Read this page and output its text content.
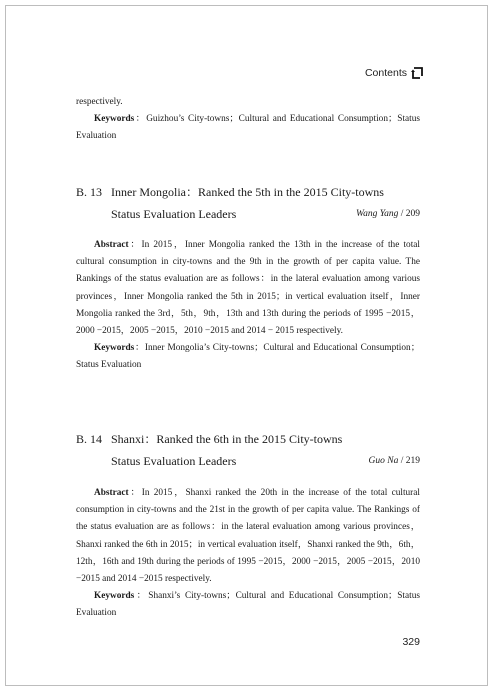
Contents

respectively.

Keywords：Guizhou’s City-towns；Cultural and Educational Consumption；Status Evaluation

B. 13 Inner Mongolia：Ranked the 5th in the 2015 City-towns
Status Evaluation Leaders	Wang Yang / 209

Abstract：In 2015，Inner Mongolia ranked the 13th in the increase of the total cultural consumption in city-towns and the 9th in the growth of per capita value. The Rankings of the status evaluation are as follows：in the lateral evaluation among various provinces，Inner Mongolia ranked the 5th in 2015；in vertical evaluation itself，Inner Mongolia ranked the 3rd，5th，9th，13th and 13th during the periods of 1995 −2015，2000 −2015，2005 −2015，2010 −2015 and 2014 − 2015 respectively.

Keywords：Inner Mongolia’s City-towns；Cultural and Educational Consumption；Status Evaluation

B. 14 Shanxi：Ranked the 6th in the 2015 City-towns
Status Evaluation Leaders	Guo Na / 219

Abstract：In 2015，Shanxi ranked the 20th in the increase of the total cultural consumption in city-towns and the 21st in the growth of per capita value. The Rankings of the status evaluation are as follows：in the lateral evaluation among various provinces，Shanxi ranked the 6th in 2015；in vertical evaluation itself，Shanxi ranked the 9th，6th，12th，16th and 19th during the periods of 1995 −2015，2000 −2015，2005 −2015，2010 −2015 and 2014 −2015 respectively.

Keywords：Shanxi’s City-towns；Cultural and Educational Consumption；Status Evaluation

329
